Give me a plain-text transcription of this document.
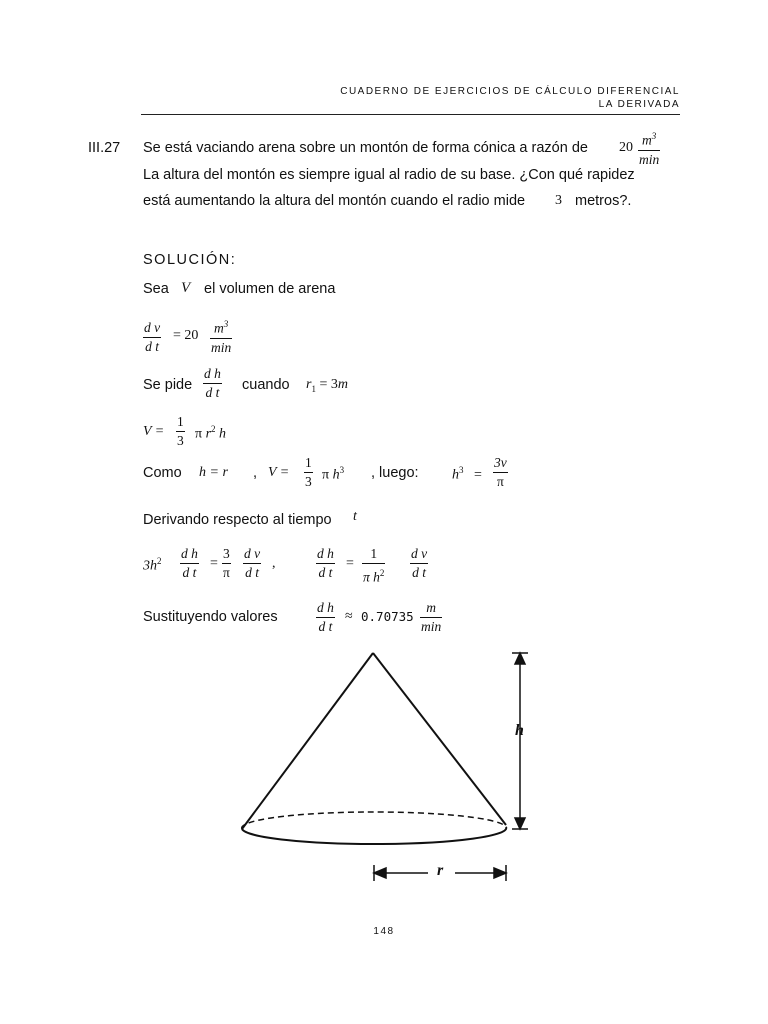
CUADERNO DE EJERCICIOS DE CÁLCULO DIFERENCIAL
LA DERIVADA
III.27 Se está vaciando arena sobre un montón de forma cónica a razón de 20 $m^3$
min
La altura del montón es siempre igual al radio de su base. ¿Con qué rapidez
está aumentando la altura del montón cuando el radio mide 3 metros?.
SOLUCIÓN:
Sea V el volumen de arena
$\frac{\text{d v}}{\text{d t}} = 20$ $m^3$
min
Se pide $\frac{\text{d h}}{\text{d t}}$ cuando $r_1 = 3m$
$V = \frac{1}{3}$ π $r^2$ h
Como h = r , $V = \frac{1}{3}$ π $h^3$ , luego: $h^3 = \frac{3v}{\pi}$
Derivando respecto al tiempo t
$3h^2 \frac{\text{d h}}{\text{d t}} = \frac{3}{\pi} \frac{\text{d v}}{\text{d t}}$ ,	$\frac{\text{d h}}{\text{d t}} = \frac{1}{\pi h^2} \frac{\text{d v}}{\text{d t}}$
Sustituyendo valores	$\frac{\text{d h}}{\text{d t}} \approx 0.70735$
m
min
h
r
148
